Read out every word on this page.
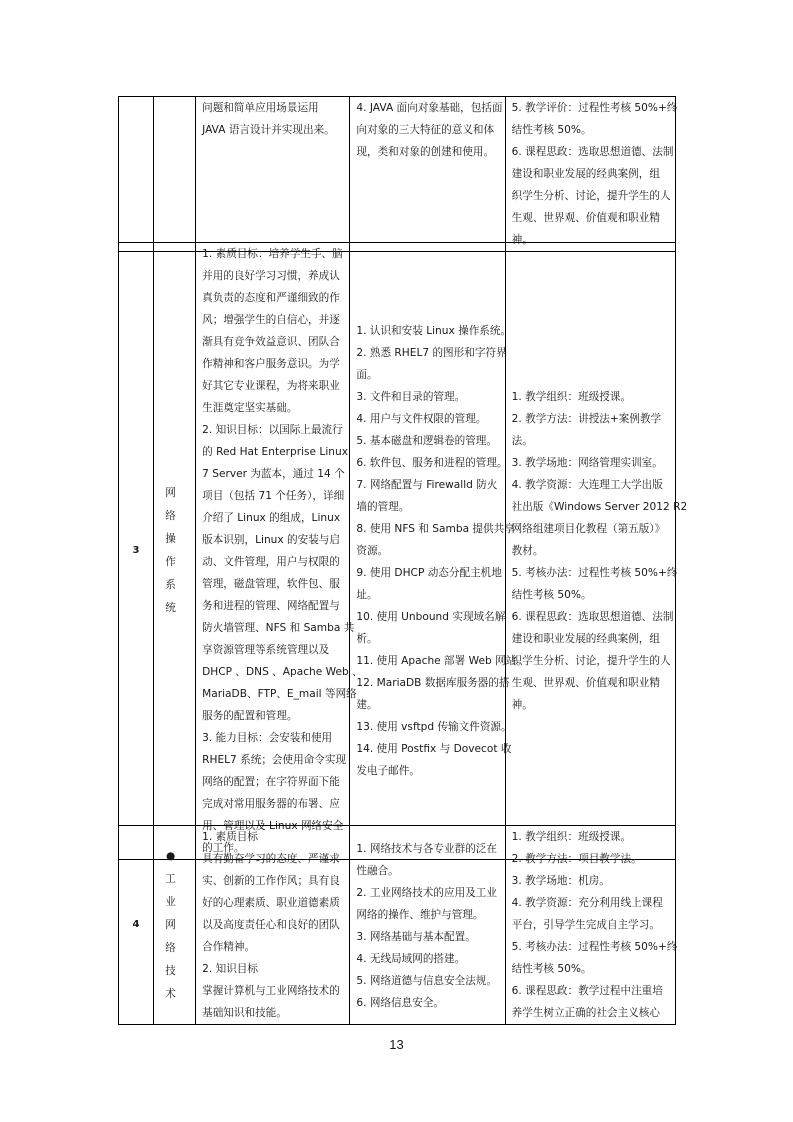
问题和简单应用场景运用
JAVA 语言设计并实现出来。

4. JAVA 面向对象基础，包括面
向对象的三大特征的意义和体
现，类和对象的创建和使用。

5. 教学评价：过程性考核 50%+终
结性考核 50%。
6. 课程思政：选取思想道德、法制
建设和职业发展的经典案例，组
织学生分析、讨论，提升学生的人
生观、世界观、价值观和职业精
神。
3	网络操作系统	
1. 素质目标：培养学生手、脑
并用的良好学习习惯，养成认
真负责的态度和严谨细致的作
风；增强学生的自信心，并逐
渐具有竞争效益意识、团队合
作精神和客户服务意识。为学
好其它专业课程，为将来职业
生涯奠定坚实基础。
2. 知识目标：以国际上最流行
的 Red Hat Enterprise Linux
7 Server 为蓝本，通过 14 个
项目（包括 71 个任务），详细
介绍了 Linux 的组成，Linux
版本识别，Linux 的安装与启
动、文件管理，用户与权限的
管理，磁盘管理，软件包、服
务和进程的管理、网络配置与
防火墙管理、NFS 和 Samba 共
享资源管理等系统管理以及
DHCP 、DNS 、Apache Web 、
MariaDB、FTP、E_mail 等网络
服务的配置和管理。
3. 能力目标：会安装和使用
RHEL7 系统；会使用命令实现
网络的配置；在字符界面下能
完成对常用服务器的布署、应
用、管理以及 Linux 网络安全
的工作。

1. 认识和安装 Linux 操作系统。
2. 熟悉 RHEL7 的图形和字符界
面。
3. 文件和目录的管理。
4. 用户与文件权限的管理。
5. 基本磁盘和逻辑卷的管理。
6. 软件包、服务和进程的管理。
7. 网络配置与 Firewalld 防火
墙的管理。
8. 使用 NFS 和 Samba 提供共享
资源。
9. 使用 DHCP 动态分配主机地
址。
10. 使用 Unbound 实现域名解
析。
11. 使用 Apache 部署 Web 网站。
12. MariaDB 数据库服务器的搭
建。
13. 使用 vsftpd 传输文件资源。
14. 使用 Postfix 与 Dovecot 收
发电子邮件。

1. 教学组织：班级授课。
2. 教学方法：讲授法+案例教学
法。
3. 教学场地：网络管理实训室。
4. 教学资源：大连理工大学出版
社出版《Windows Server 2012 R2
网络组建项目化教程（第五版）》
教材。
5. 考核办法：过程性考核 50%+终
结性考核 50%。
6. 课程思政：选取思想道德、法制
建设和职业发展的经典案例，组
织学生分析、讨论，提升学生的人
生观、世界观、价值观和职业精
神。
4	● 工业网络技术	
1. 素质目标
具有勤奋学习的态度、严谨求
实、创新的工作作风；具有良
好的心理素质、职业道德素质
以及高度责任心和良好的团队
合作精神。
2. 知识目标
掌握计算机与工业网络技术的
基础知识和技能。

1. 网络技术与各专业群的泛在
性融合。
2. 工业网络技术的应用及工业
网络的操作、维护与管理。
3. 网络基础与基本配置。
4. 无线局域网的搭建。
5. 网络道德与信息安全法规。
6. 网络信息安全。

1. 教学组织：班级授课。
2. 教学方法：项目教学法。
3. 教学场地：机房。
4. 教学资源：充分利用线上课程
平台，引导学生完成自主学习。
5. 考核办法：过程性考核 50%+终
结性考核 50%。
6. 课程思政：教学过程中注重培
养学生树立正确的社会主义核心
13
